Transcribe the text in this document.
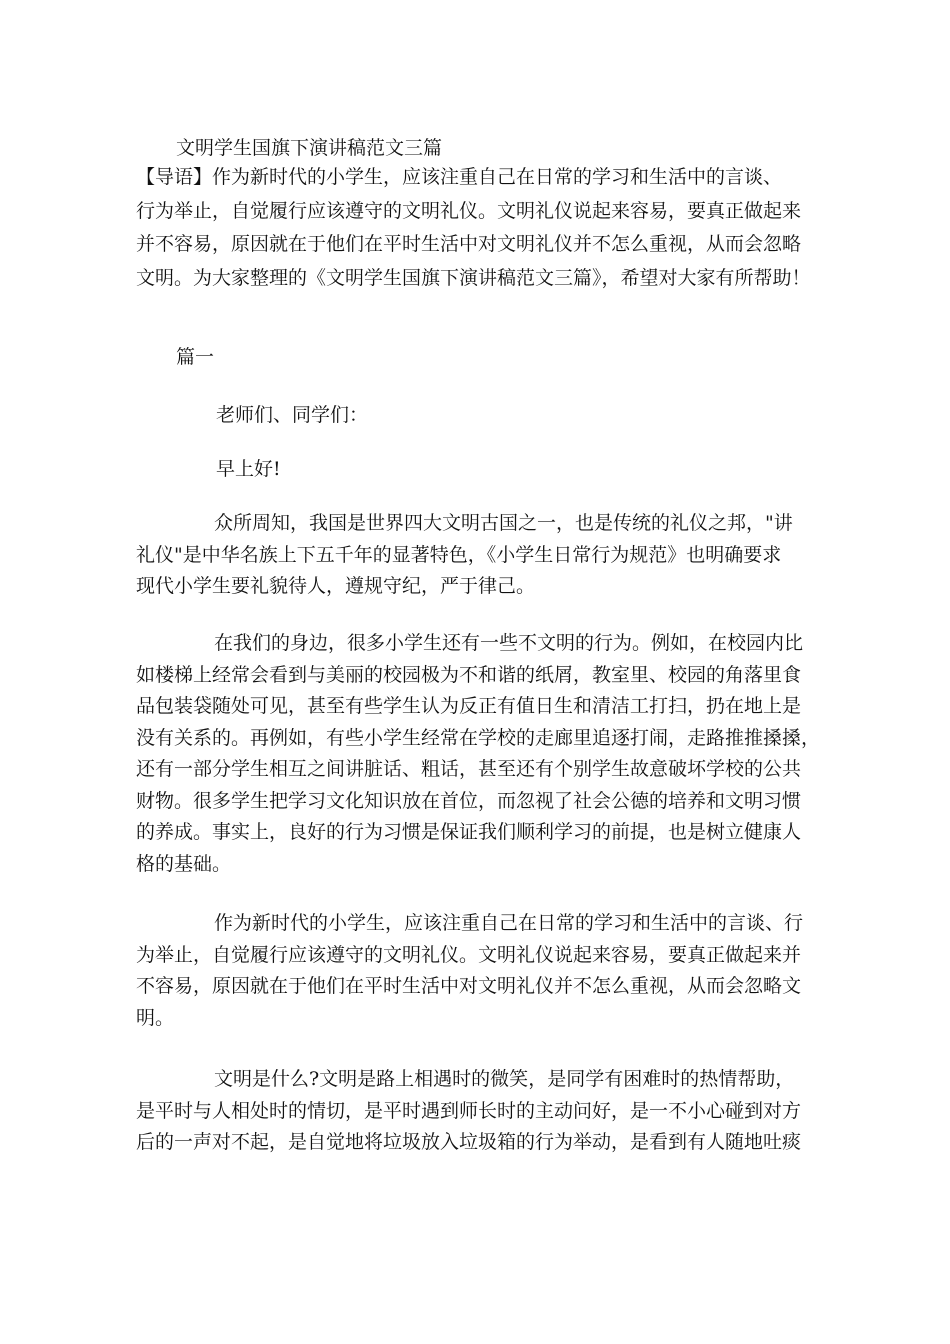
文明学生国旗下演讲稿范文三篇
【导语】作为新时代的小学生，应该注重自己在日常的学习和生活中的言谈、
行为举止，自觉履行应该遵守的文明礼仪。文明礼仪说起来容易，要真正做起来
并不容易，原因就在于他们在平时生活中对文明礼仪并不怎么重视，从而会忽略
文明。为大家整理的《文明学生国旗下演讲稿范文三篇》，希望对大家有所帮助！
篇一
老师们、同学们：
早上好!
众所周知，我国是世界四大文明古国之一，也是传统的礼仪之邦，"讲
礼仪"是中华名族上下五千年的显著特色，《小学生日常行为规范》也明确要求
现代小学生要礼貌待人，遵规守纪，严于律己。
在我们的身边，很多小学生还有一些不文明的行为。例如，在校园内比
如楼梯上经常会看到与美丽的校园极为不和谐的纸屑，教室里、校园的角落里食
品包装袋随处可见，甚至有些学生认为反正有值日生和清洁工打扫，扔在地上是
没有关系的。再例如，有些小学生经常在学校的走廊里追逐打闹，走路推推搡搡，
还有一部分学生相互之间讲脏话、粗话，甚至还有个别学生故意破坏学校的公共
财物。很多学生把学习文化知识放在首位，而忽视了社会公德的培养和文明习惯
的养成。事实上，良好的行为习惯是保证我们顺利学习的前提，也是树立健康人
格的基础。
作为新时代的小学生，应该注重自己在日常的学习和生活中的言谈、行
为举止，自觉履行应该遵守的文明礼仪。文明礼仪说起来容易，要真正做起来并
不容易，原因就在于他们在平时生活中对文明礼仪并不怎么重视，从而会忽略文
明。
文明是什么?文明是路上相遇时的微笑，是同学有困难时的热情帮助，
是平时与人相处时的情切，是平时遇到师长时的主动问好，是一不小心碰到对方
后的一声对不起，是自觉地将垃圾放入垃圾箱的行为举动，是看到有人随地吐痰
